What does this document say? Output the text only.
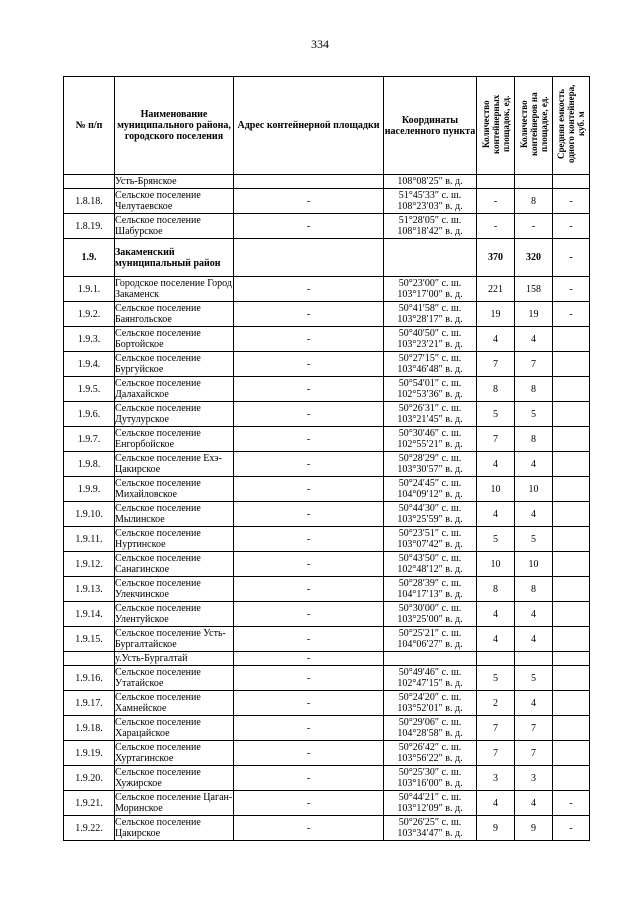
334
№ п/п	Наименование муниципального района, городского поселения	Адрес контейнерной площадки	Координаты населенного пункта	Количество контейнерных площадок, ед.	Количество контейнеров на площадке, ед.	Средняя емкость одного контейнера, куб. м
	Усть-Брянское		108°08′25″ в. д.			
1.8.18.	Сельское поселение Челутаевское	-	51°45′33″ с. ш. 108°23′03″ в. д.	-	8	-
1.8.19.	Сельское поселение Шабурское	-	51°28′05″ с. ш. 108°18′42″ в. д.	-	-	-
1.9.	Закаменский муниципальный район			370	320	-
1.9.1.	Городское поселение Город Закаменск	-	50°23′00″ с. ш. 103°17′00″ в. д.	221	158	-
1.9.2.	Сельское поселение Баянгольское	-	50°41′58″ с. ш. 103°28′17″ в. д.	19	19	-
1.9.3.	Сельское поселение Бортойское	-	50°40′50″ с. ш. 103°23′21″ в. д.	4	4	
1.9.4.	Сельское поселение Бургуйское	-	50°27′15″ с. ш. 103°46′48″ в. д.	7	7	
1.9.5.	Сельское поселение Далахайское	-	50°54′01″ с. ш. 102°53′36″ в. д.	8	8	
1.9.6.	Сельское поселение Дутулурское	-	50°26′31″ с. ш. 103°21′45″ в. д.	5	5	
1.9.7.	Сельское поселение Енгорбойское	-	50°30′46″ с. ш. 102°55′21″ в. д.	7	8	
1.9.8.	Сельское поселение Ехэ-Цакирское	-	50°28′29″ с. ш. 103°30′57″ в. д.	4	4	
1.9.9.	Сельское поселение Михайловское	-	50°24′45″ с. ш. 104°09′12″ в. д.	10	10	
1.9.10.	Сельское поселение Мылинское	-	50°44′30″ с. ш. 103°25′59″ в. д.	4	4	
1.9.11.	Сельское поселение Нуртинское	-	50°23′51″ с. ш. 103°07′42″ в. д.	5	5	
1.9.12.	Сельское поселение Санагинское	-	50°43′50″ с. ш. 102°48′12″ в. д.	10	10	
1.9.13.	Сельское поселение Улекчинское	-	50°28′39″ с. ш. 104°17′13″ в. д.	8	8	
1.9.14.	Сельское поселение Улентуйское	-	50°30′00″ с. ш. 103°25′00″ в. д.	4	4	
1.9.15.	Сельское поселение Усть-Бургалтайское	-	50°25′21″ с. ш. 104°06′27″ в. д.	4	4	
	у.Усть-Бургалтай	-				
1.9.16.	Сельское поселение Утатайское	-	50°49′46″ с. ш. 102°47′15″ в. д.	5	5	
1.9.17.	Сельское поселение Хамнейское	-	50°24′20″ с. ш. 103°52′01″ в. д.	2	4	
1.9.18.	Сельское поселение Харацайское	-	50°29′06″ с. ш. 104°28′58″ в. д.	7	7	
1.9.19.	Сельское поселение Хуртагинское	-	50°26′42″ с. ш. 103°56′22″ в. д.	7	7	
1.9.20.	Сельское поселение Хужирское	-	50°25′30″ с. ш. 103°16′00″ в. д.	3	3	
1.9.21.	Сельское поселение Цаган-Моринское	-	50°44′21″ с. ш. 103°12′09″ в. д.	4	4	-
1.9.22.	Сельское поселение Цакирское	-	50°26′25″ с. ш. 103°34′47″ в. д.	9	9	-
